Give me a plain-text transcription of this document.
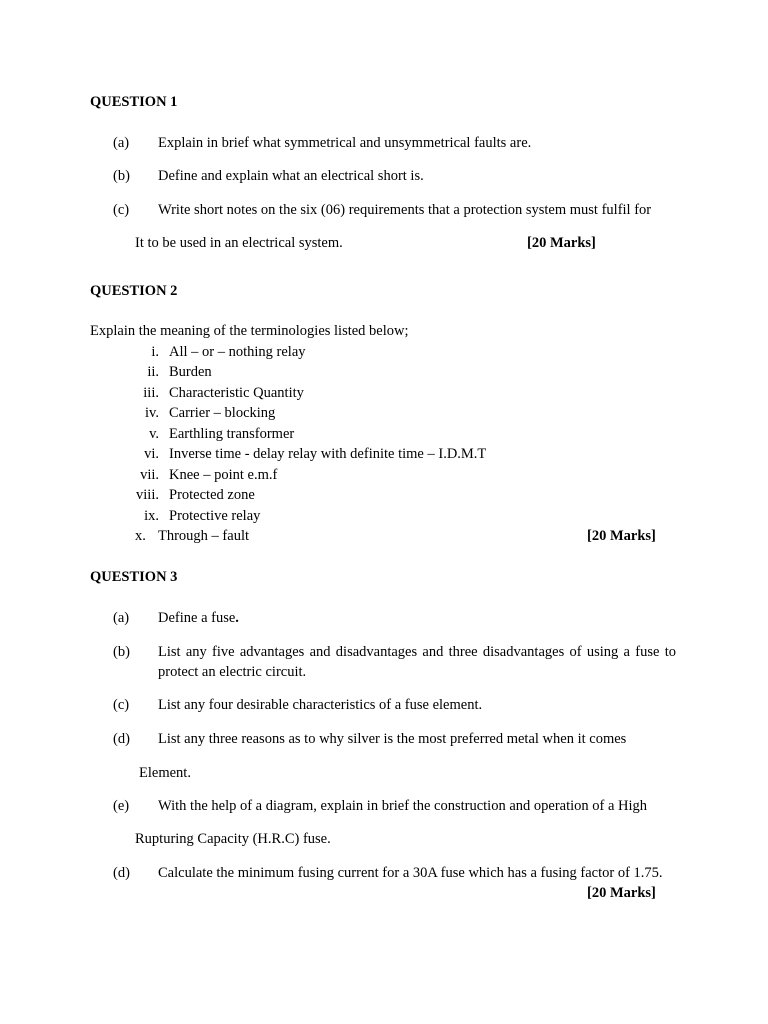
QUESTION 1
(a) Explain in brief what symmetrical and unsymmetrical faults are.
(b) Define and explain what an electrical short is.
(c) Write short notes on the six (06) requirements that a protection system must fulfil for
It to be used in an electrical system.	[20 Marks]
QUESTION 2
Explain the meaning of the terminologies listed below;
i. All – or – nothing relay
ii. Burden
iii. Characteristic Quantity
iv. Carrier – blocking
v. Earthling transformer
vi. Inverse time - delay relay with definite time – I.D.M.T
vii. Knee – point e.m.f
viii. Protected zone
ix. Protective relay
x. Through – fault	[20 Marks]
QUESTION 3
(a) Define a fuse.
(b) List any five advantages and disadvantages and three disadvantages of using a fuse to protect an electric circuit.
(c) List any four desirable characteristics of a fuse element.
(d) List any three reasons as to why silver is the most preferred metal when it comes
Element.
(e) With the help of a diagram, explain in brief the construction and operation of a High
Rupturing Capacity (H.R.C) fuse.
(d) Calculate the minimum fusing current for a 30A fuse which has a fusing factor of 1.75.
[20 Marks]
